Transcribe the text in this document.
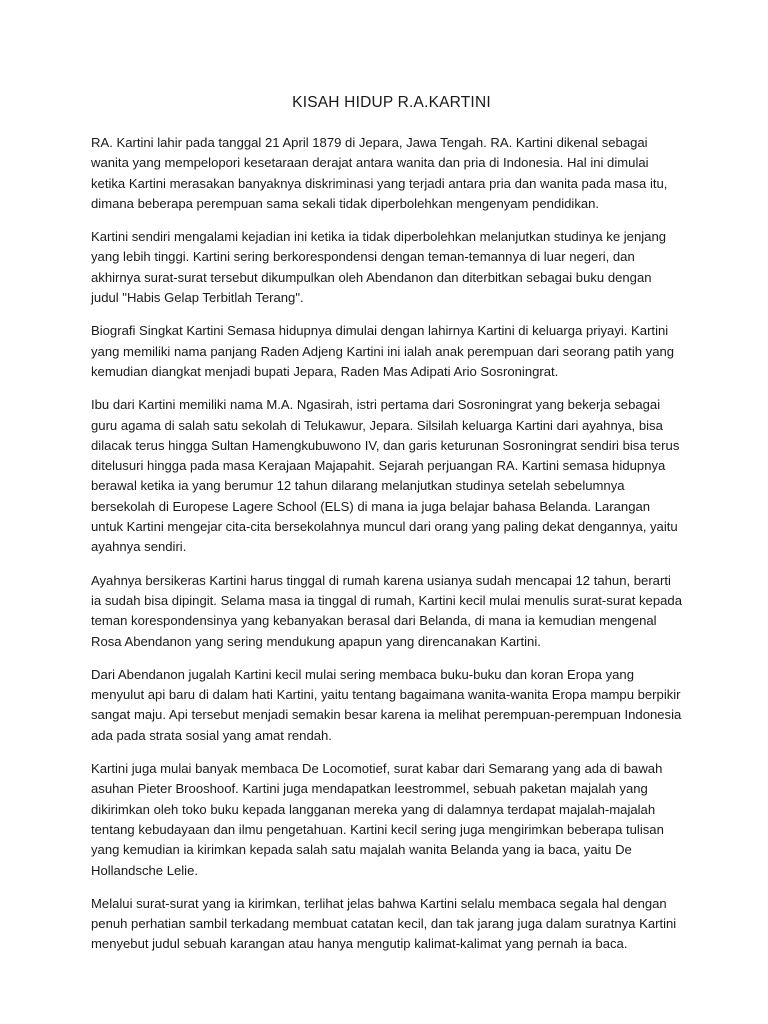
KISAH HIDUP R.A.KARTINI

RA. Kartini lahir pada tanggal 21 April 1879 di Jepara, Jawa Tengah. RA. Kartini dikenal sebagai wanita yang mempelopori kesetaraan derajat antara wanita dan pria di Indonesia. Hal ini dimulai ketika Kartini merasakan banyaknya diskriminasi yang terjadi antara pria dan wanita pada masa itu, dimana beberapa perempuan sama sekali tidak diperbolehkan mengenyam pendidikan.

Kartini sendiri mengalami kejadian ini ketika ia tidak diperbolehkan melanjutkan studinya ke jenjang yang lebih tinggi. Kartini sering berkorespondensi dengan teman-temannya di luar negeri, dan akhirnya surat-surat tersebut dikumpulkan oleh Abendanon dan diterbitkan sebagai buku dengan judul "Habis Gelap Terbitlah Terang".

Biografi Singkat Kartini Semasa hidupnya dimulai dengan lahirnya Kartini di keluarga priyayi. Kartini yang memiliki nama panjang Raden Adjeng Kartini ini ialah anak perempuan dari seorang patih yang kemudian diangkat menjadi bupati Jepara, Raden Mas Adipati Ario Sosroningrat.

Ibu dari Kartini memiliki nama M.A. Ngasirah, istri pertama dari Sosroningrat yang bekerja sebagai guru agama di salah satu sekolah di Telukawur, Jepara. Silsilah keluarga Kartini dari ayahnya, bisa dilacak terus hingga Sultan Hamengkubuwono IV, dan garis keturunan Sosroningrat sendiri bisa terus ditelusuri hingga pada masa Kerajaan Majapahit. Sejarah perjuangan RA. Kartini semasa hidupnya berawal ketika ia yang berumur 12 tahun dilarang melanjutkan studinya setelah sebelumnya bersekolah di Europese Lagere School (ELS) di mana ia juga belajar bahasa Belanda. Larangan untuk Kartini mengejar cita-cita bersekolahnya muncul dari orang yang paling dekat dengannya, yaitu ayahnya sendiri.

Ayahnya bersikeras Kartini harus tinggal di rumah karena usianya sudah mencapai 12 tahun, berarti ia sudah bisa dipingit. Selama masa ia tinggal di rumah, Kartini kecil mulai menulis surat-surat kepada teman korespondensinya yang kebanyakan berasal dari Belanda, di mana ia kemudian mengenal Rosa Abendanon yang sering mendukung apapun yang direncanakan Kartini.

Dari Abendanon jugalah Kartini kecil mulai sering membaca buku-buku dan koran Eropa yang menyulut api baru di dalam hati Kartini, yaitu tentang bagaimana wanita-wanita Eropa mampu berpikir sangat maju. Api tersebut menjadi semakin besar karena ia melihat perempuan-perempuan Indonesia ada pada strata sosial yang amat rendah.

Kartini juga mulai banyak membaca De Locomotief, surat kabar dari Semarang yang ada di bawah asuhan Pieter Brooshoof. Kartini juga mendapatkan leestrommel, sebuah paketan majalah yang dikirimkan oleh toko buku kepada langganan mereka yang di dalamnya terdapat majalah-majalah tentang kebudayaan dan ilmu pengetahuan. Kartini kecil sering juga mengirimkan beberapa tulisan yang kemudian ia kirimkan kepada salah satu majalah wanita Belanda yang ia baca, yaitu De Hollandsche Lelie.

Melalui surat-surat yang ia kirimkan, terlihat jelas bahwa Kartini selalu membaca segala hal dengan penuh perhatian sambil terkadang membuat catatan kecil, dan tak jarang juga dalam suratnya Kartini menyebut judul sebuah karangan atau hanya mengutip kalimat-kalimat yang pernah ia baca.
